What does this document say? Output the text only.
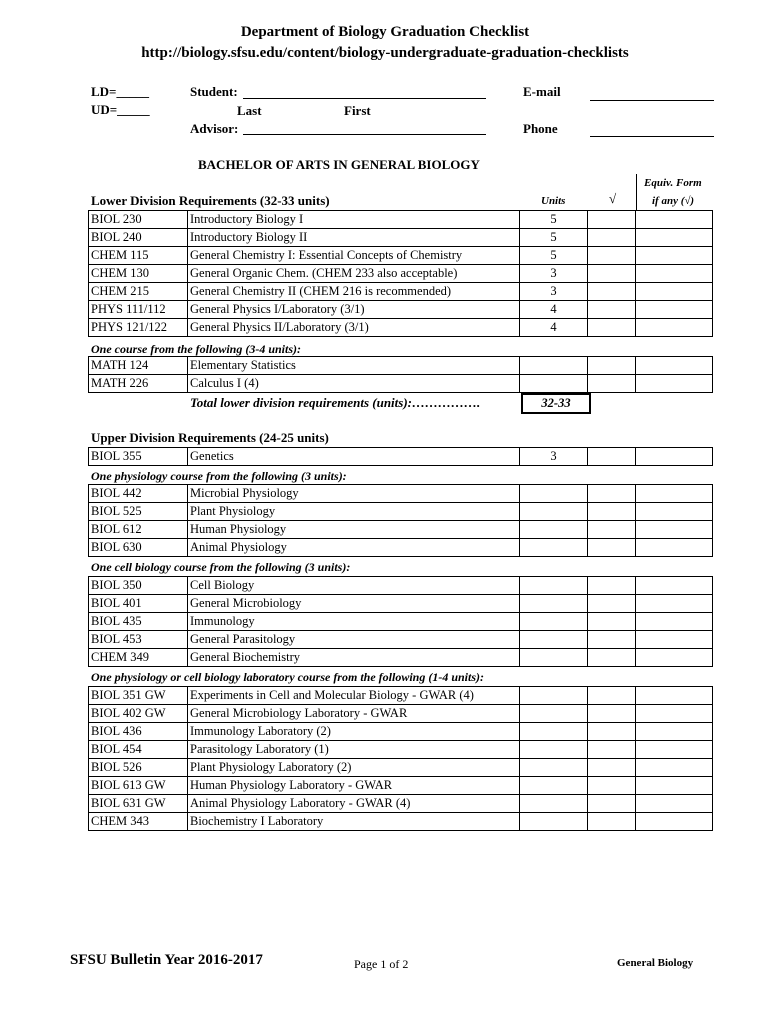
Department of Biology Graduation Checklist
http://biology.sfsu.edu/content/biology-undergraduate-graduation-checklists
LD=_____
UD=_____
Student:
Last	First
Advisor:
E-mail
Phone
BACHELOR OF ARTS IN GENERAL BIOLOGY
Equiv. Form
if any (√)
Units	√
Lower Division Requirements (32-33 units)
BIOL 230	Introductory Biology I	5		
BIOL 240	Introductory Biology II	5		
CHEM 115	General Chemistry I: Essential Concepts of Chemistry	5		
CHEM 130	General Organic Chem. (CHEM 233 also acceptable)	3		
CHEM 215	General Chemistry II (CHEM 216 is recommended)	3		
PHYS 111/112	General Physics I/Laboratory (3/1)	4		
PHYS 121/122	General Physics II/Laboratory (3/1)	4		
One course from the following (3-4 units):
MATH 124	Elementary Statistics			
MATH 226	Calculus I (4)			
Total lower division requirements (units):…………….	32-33
Upper Division Requirements (24-25 units)
BIOL 355	Genetics	3		
One physiology course from the following (3 units):
BIOL 442	Microbial Physiology			
BIOL 525	Plant Physiology			
BIOL 612	Human Physiology			
BIOL 630	Animal Physiology			
One cell biology course from the following (3 units):
BIOL 350	Cell Biology			
BIOL 401	General Microbiology			
BIOL 435	Immunology			
BIOL 453	General Parasitology			
CHEM 349	General Biochemistry			
One physiology or cell biology laboratory course from the following (1-4 units):
BIOL 351 GW	Experiments in Cell and Molecular Biology - GWAR (4)			
BIOL 402 GW	General Microbiology Laboratory - GWAR			
BIOL 436	Immunology Laboratory (2)			
BIOL 454	Parasitology Laboratory (1)			
BIOL 526	Plant Physiology Laboratory (2)			
BIOL 613 GW	Human Physiology Laboratory - GWAR			
BIOL 631 GW	Animal Physiology Laboratory - GWAR (4)			
CHEM 343	Biochemistry I Laboratory			
SFSU Bulletin Year 2016-2017	Page 1 of 2	General Biology
